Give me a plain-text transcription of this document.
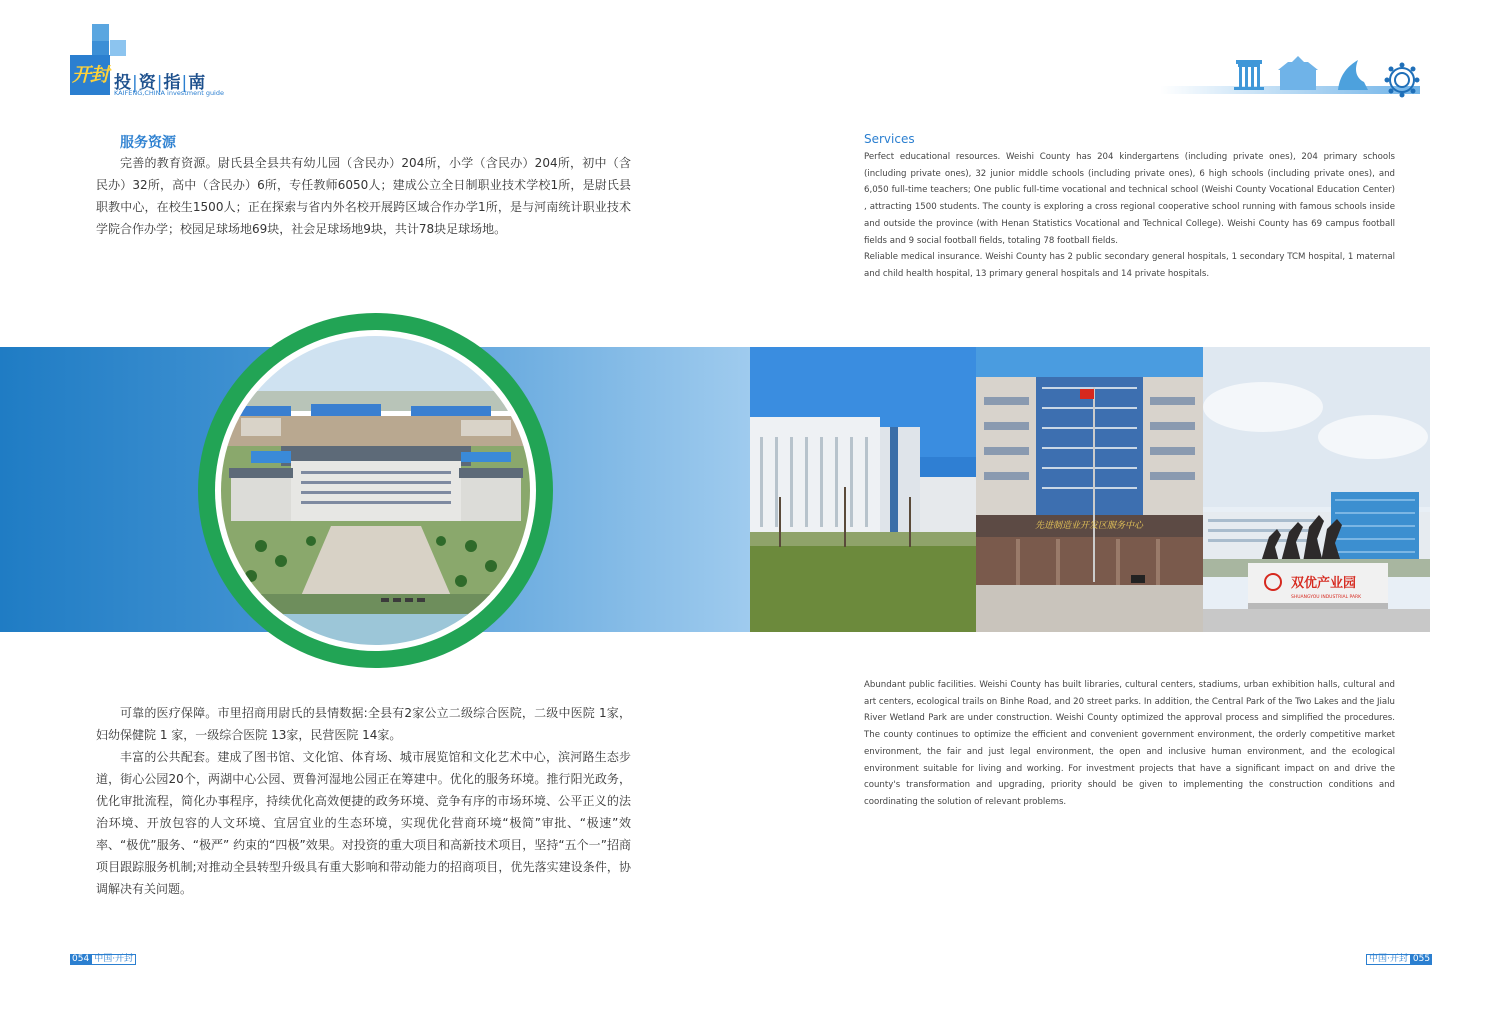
开封 投|资|指|南
KAIFENG,CHINA investment guide
服务资源

完善的教育资源。尉氏县全县共有幼儿园（含民办）204所，小学（含民办）204所，初中（含民办）32所，高中（含民办）6所，专任教师6050人；建成公立全日制职业技术学校1所，是尉氏县职教中心，在校生1500人；正在探索与省内外名校开展跨区域合作办学1所，是与河南统计职业技术学院合作办学；校园足球场地69块，社会足球场地9块，共计78块足球场地。

可靠的医疗保障。市里招商用尉氏的县情数据:全县有2家公立二级综合医院，二级中医院 1家，妇幼保健院 1 家，一级综合医院 13家，民营医院 14家。

丰富的公共配套。建成了图书馆、文化馆、体育场、城市展览馆和文化艺术中心，滨河路生态步道，街心公园20个，两湖中心公园、贾鲁河湿地公园正在筹建中。优化的服务环境。推行阳光政务，优化审批流程，简化办事程序，持续优化高效便捷的政务环境、竞争有序的市场环境、公平正义的法治环境、开放包容的人文环境、宜居宜业的生态环境，实现优化营商环境“极简”审批、“极速”效率、“极优”服务、“极严” 约束的“四极”效果。对投资的重大项目和高新技术项目，坚持“五个一”招商项目跟踪服务机制;对推动全县转型升级具有重大影响和带动能力的招商项目，优先落实建设条件，协调解决有关问题。

Services

Perfect educational resources. Weishi County has 204 kindergartens (including private ones), 204 primary schools (including private ones), 32 junior middle schools (including private ones), 6 high schools (including private ones), and 6,050 full-time teachers; One public full-time vocational and technical school (Weishi County Vocational Education Center) , attracting 1500 students. The county is exploring a cross regional cooperative school running with famous schools inside and outside the province (with Henan Statistics Vocational and Technical College). Weishi County has 69 campus football fields and 9 social football fields, totaling 78 football fields.

Reliable medical insurance. Weishi County has 2 public secondary general hospitals, 1 secondary TCM hospital, 1 maternal and child health hospital, 13 primary general hospitals and 14 private hospitals.

Abundant public facilities. Weishi County has built libraries, cultural centers, stadiums, urban exhibition halls, cultural and art centers, ecological trails on Binhe Road, and 20 street parks. In addition, the Central Park of the Two Lakes and the Jialu River Wetland Park are under construction. Weishi County optimized the approval process and simplified the procedures. The county continues to optimize the efficient and convenient government environment, the orderly competitive market environment, the fair and just legal environment, the open and inclusive human environment, and the ecological environment suitable for living and working. For investment projects that have a significant impact on and drive the county's transformation and upgrading, priority should be given to implementing the construction conditions and coordinating the solution of relevant problems.

先进制造业开发区服务中心
双优产业园
SHUANGYOU INDUSTRIAL PARK
054 中国·开封	中国·开封 055
